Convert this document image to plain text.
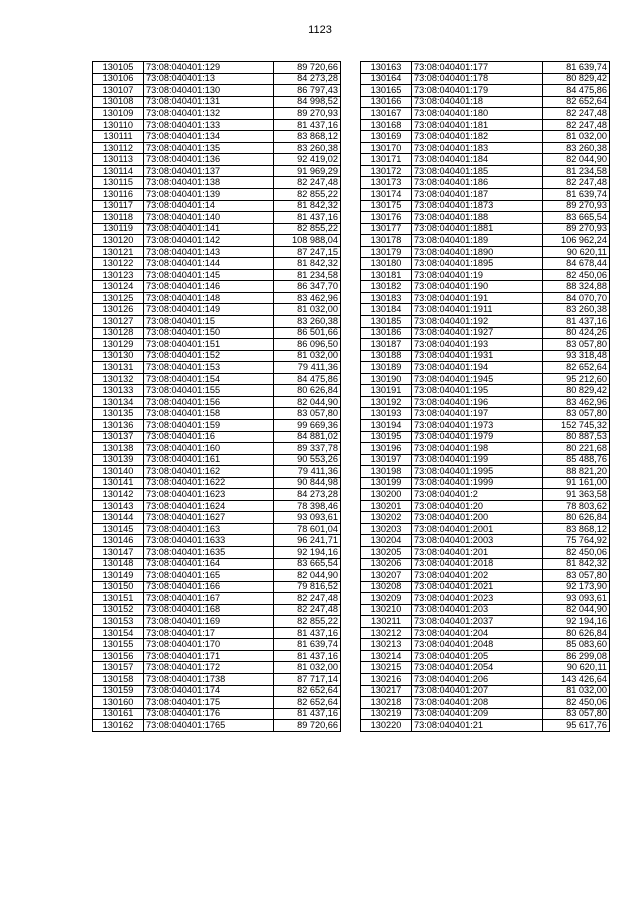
1123
130105	73:08:040401:129	89 720,66
130106	73:08:040401:13	84 273,28
130107	73:08:040401:130	86 797,43
130108	73:08:040401:131	84 998,52
130109	73:08:040401:132	89 270,93
130110	73:08:040401:133	81 437,16
130111	73:08:040401:134	83 868,12
130112	73:08:040401:135	83 260,38
130113	73:08:040401:136	92 419,02
130114	73:08:040401:137	91 969,29
130115	73:08:040401:138	82 247,48
130116	73:08:040401:139	82 855,22
130117	73:08:040401:14	81 842,32
130118	73:08:040401:140	81 437,16
130119	73:08:040401:141	82 855,22
130120	73:08:040401:142	108 988,04
130121	73:08:040401:143	87 247,15
130122	73:08:040401:144	81 842,32
130123	73:08:040401:145	81 234,58
130124	73:08:040401:146	86 347,70
130125	73:08:040401:148	83 462,96
130126	73:08:040401:149	81 032,00
130127	73:08:040401:15	83 260,38
130128	73:08:040401:150	86 501,66
130129	73:08:040401:151	86 096,50
130130	73:08:040401:152	81 032,00
130131	73:08:040401:153	79 411,36
130132	73:08:040401:154	84 475,86
130133	73:08:040401:155	80 626,84
130134	73:08:040401:156	82 044,90
130135	73:08:040401:158	83 057,80
130136	73:08:040401:159	99 669,36
130137	73:08:040401:16	84 881,02
130138	73:08:040401:160	89 337,78
130139	73:08:040401:161	90 553,26
130140	73:08:040401:162	79 411,36
130141	73:08:040401:1622	90 844,98
130142	73:08:040401:1623	84 273,28
130143	73:08:040401:1624	78 398,46
130144	73:08:040401:1627	93 093,61
130145	73:08:040401:163	78 601,04
130146	73:08:040401:1633	96 241,71
130147	73:08:040401:1635	92 194,16
130148	73:08:040401:164	83 665,54
130149	73:08:040401:165	82 044,90
130150	73:08:040401:166	79 816,52
130151	73:08:040401:167	82 247,48
130152	73:08:040401:168	82 247,48
130153	73:08:040401:169	82 855,22
130154	73:08:040401:17	81 437,16
130155	73:08:040401:170	81 639,74
130156	73:08:040401:171	81 437,16
130157	73:08:040401:172	81 032,00
130158	73:08:040401:1738	87 717,14
130159	73:08:040401:174	82 652,64
130160	73:08:040401:175	82 652,64
130161	73:08:040401:176	81 437,16
130162	73:08:040401:1765	89 720,66
130163	73:08:040401:177	81 639,74
130164	73:08:040401:178	80 829,42
130165	73:08:040401:179	84 475,86
130166	73:08:040401:18	82 652,64
130167	73:08:040401:180	82 247,48
130168	73:08:040401:181	82 247,48
130169	73:08:040401:182	81 032,00
130170	73:08:040401:183	83 260,38
130171	73:08:040401:184	82 044,90
130172	73:08:040401:185	81 234,58
130173	73:08:040401:186	82 247,48
130174	73:08:040401:187	81 639,74
130175	73:08:040401:1873	89 270,93
130176	73:08:040401:188	83 665,54
130177	73:08:040401:1881	89 270,93
130178	73:08:040401:189	106 962,24
130179	73:08:040401:1890	90 620,11
130180	73:08:040401:1895	84 678,44
130181	73:08:040401:19	82 450,06
130182	73:08:040401:190	88 324,88
130183	73:08:040401:191	84 070,70
130184	73:08:040401:1911	83 260,38
130185	73:08:040401:192	81 437,16
130186	73:08:040401:1927	80 424,26
130187	73:08:040401:193	83 057,80
130188	73:08:040401:1931	93 318,48
130189	73:08:040401:194	82 652,64
130190	73:08:040401:1945	95 212,60
130191	73:08:040401:195	80 829,42
130192	73:08:040401:196	83 462,96
130193	73:08:040401:197	83 057,80
130194	73:08:040401:1973	152 745,32
130195	73:08:040401:1979	80 887,53
130196	73:08:040401:198	80 221,68
130197	73:08:040401:199	85 488,76
130198	73:08:040401:1995	88 821,20
130199	73:08:040401:1999	91 161,00
130200	73:08:040401:2	91 363,58
130201	73:08:040401:20	78 803,62
130202	73:08:040401:200	80 626,84
130203	73:08:040401:2001	83 868,12
130204	73:08:040401:2003	75 764,92
130205	73:08:040401:201	82 450,06
130206	73:08:040401:2018	81 842,32
130207	73:08:040401:202	83 057,80
130208	73:08:040401:2021	92 173,90
130209	73:08:040401:2023	93 093,61
130210	73:08:040401:203	82 044,90
130211	73:08:040401:2037	92 194,16
130212	73:08:040401:204	80 626,84
130213	73:08:040401:2048	85 083,60
130214	73:08:040401:205	86 299,08
130215	73:08:040401:2054	90 620,11
130216	73:08:040401:206	143 426,64
130217	73:08:040401:207	81 032,00
130218	73:08:040401:208	82 450,06
130219	73:08:040401:209	83 057,80
130220	73:08:040401:21	95 617,76
